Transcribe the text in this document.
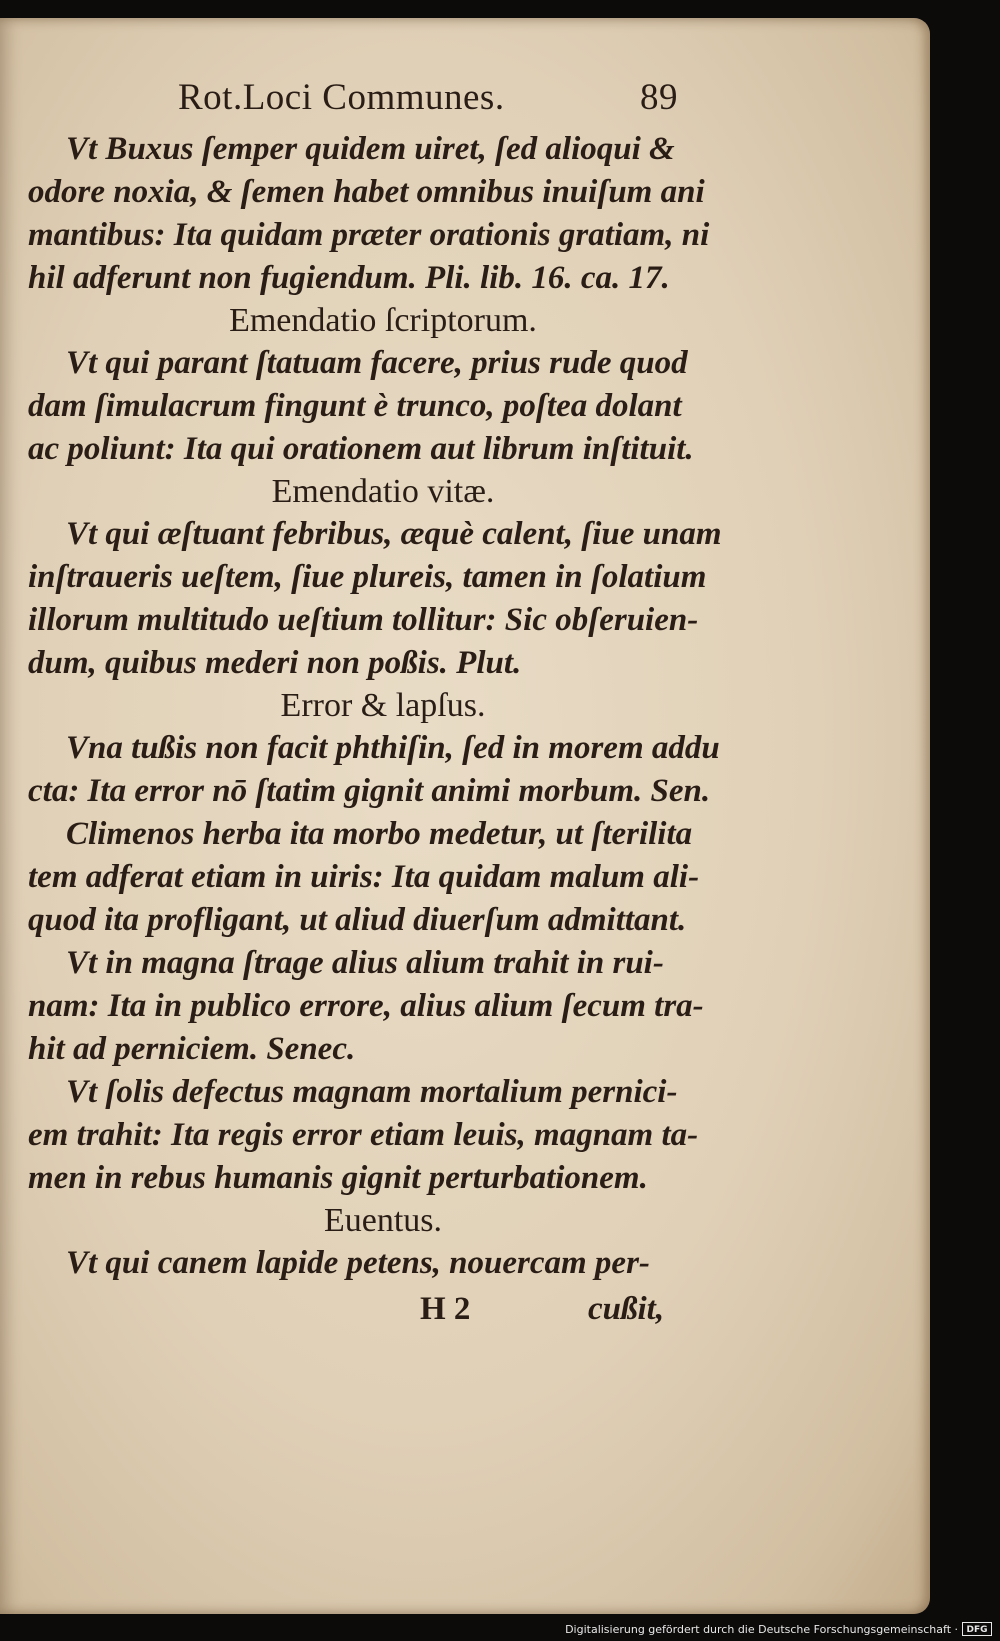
Rot.Loci Communes.	89
Vt Buxus ſemper quidem uiret, ſed alioqui &
odore noxia, & ſemen habet omnibus inuiſum ani
mantibus: Ita quidam præter orationis gratiam, ni
hil adferunt non fugiendum. Pli. lib. 16. ca. 17.
Emendatio ſcriptorum.
Vt qui parant ſtatuam facere, prius rude quod
dam ſimulacrum fingunt è trunco, poſtea dolant
ac poliunt: Ita qui orationem aut librum inſtituit.
Emendatio vitæ.
Vt qui æſtuant febribus, æquè calent, ſiue unam
inſtraueris ueſtem, ſiue plureis, tamen in ſolatium
illorum multitudo ueſtium tollitur: Sic obſeruien-
dum, quibus mederi non poßis. Plut.
Error & lapſus.
Vna tußis non facit phthiſin, ſed in morem addu
cta: Ita error nō ſtatim gignit animi morbum. Sen.
Climenos herba ita morbo medetur, ut ſterilita
tem adferat etiam in uiris: Ita quidam malum ali-
quod ita profligant, ut aliud diuerſum admittant.
Vt in magna ſtrage alius alium trahit in rui-
nam: Ita in publico errore, alius alium ſecum tra-
hit ad perniciem. Senec.
Vt ſolis defectus magnam mortalium pernici-
em trahit: Ita regis error etiam leuis, magnam ta-
men in rebus humanis gignit perturbationem.
Euentus.
Vt qui canem lapide petens, nouercam per-
H 2	cußit,
Digitalisierung gefördert durch die Deutsche Forschungsgemeinschaft · DFG
